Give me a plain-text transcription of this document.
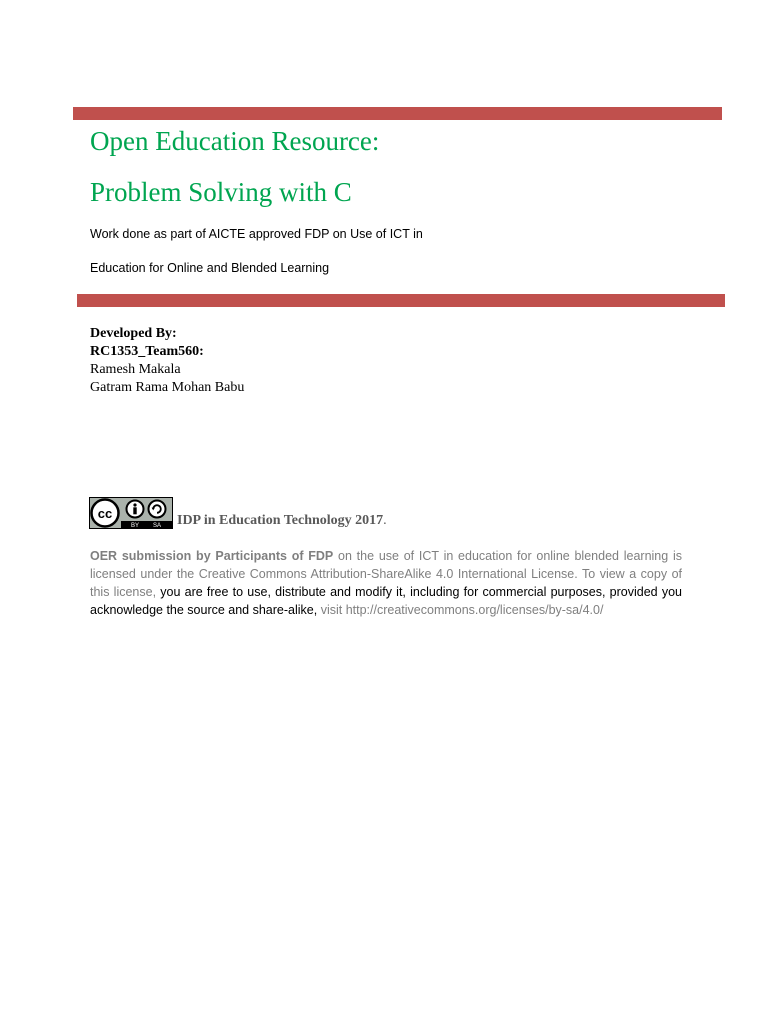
Open Education Resource:
Problem Solving with C
Work done as part of AICTE approved FDP on Use of ICT in
Education for Online and Blended Learning
Developed By:
RC1353_Team560:
Ramesh Makala
Gatram Rama Mohan Babu
cc
BY SA IDP in Education Technology 2017.
OER submission by Participants of FDP on the use of ICT in education for online blended learning is licensed under the Creative Commons Attribution-ShareAlike 4.0 International License. To view a copy of this license, you are free to use, distribute and modify it, including for commercial purposes, provided you acknowledge the source and share-alike, visit http://creativecommons.org/licenses/by-sa/4.0/
